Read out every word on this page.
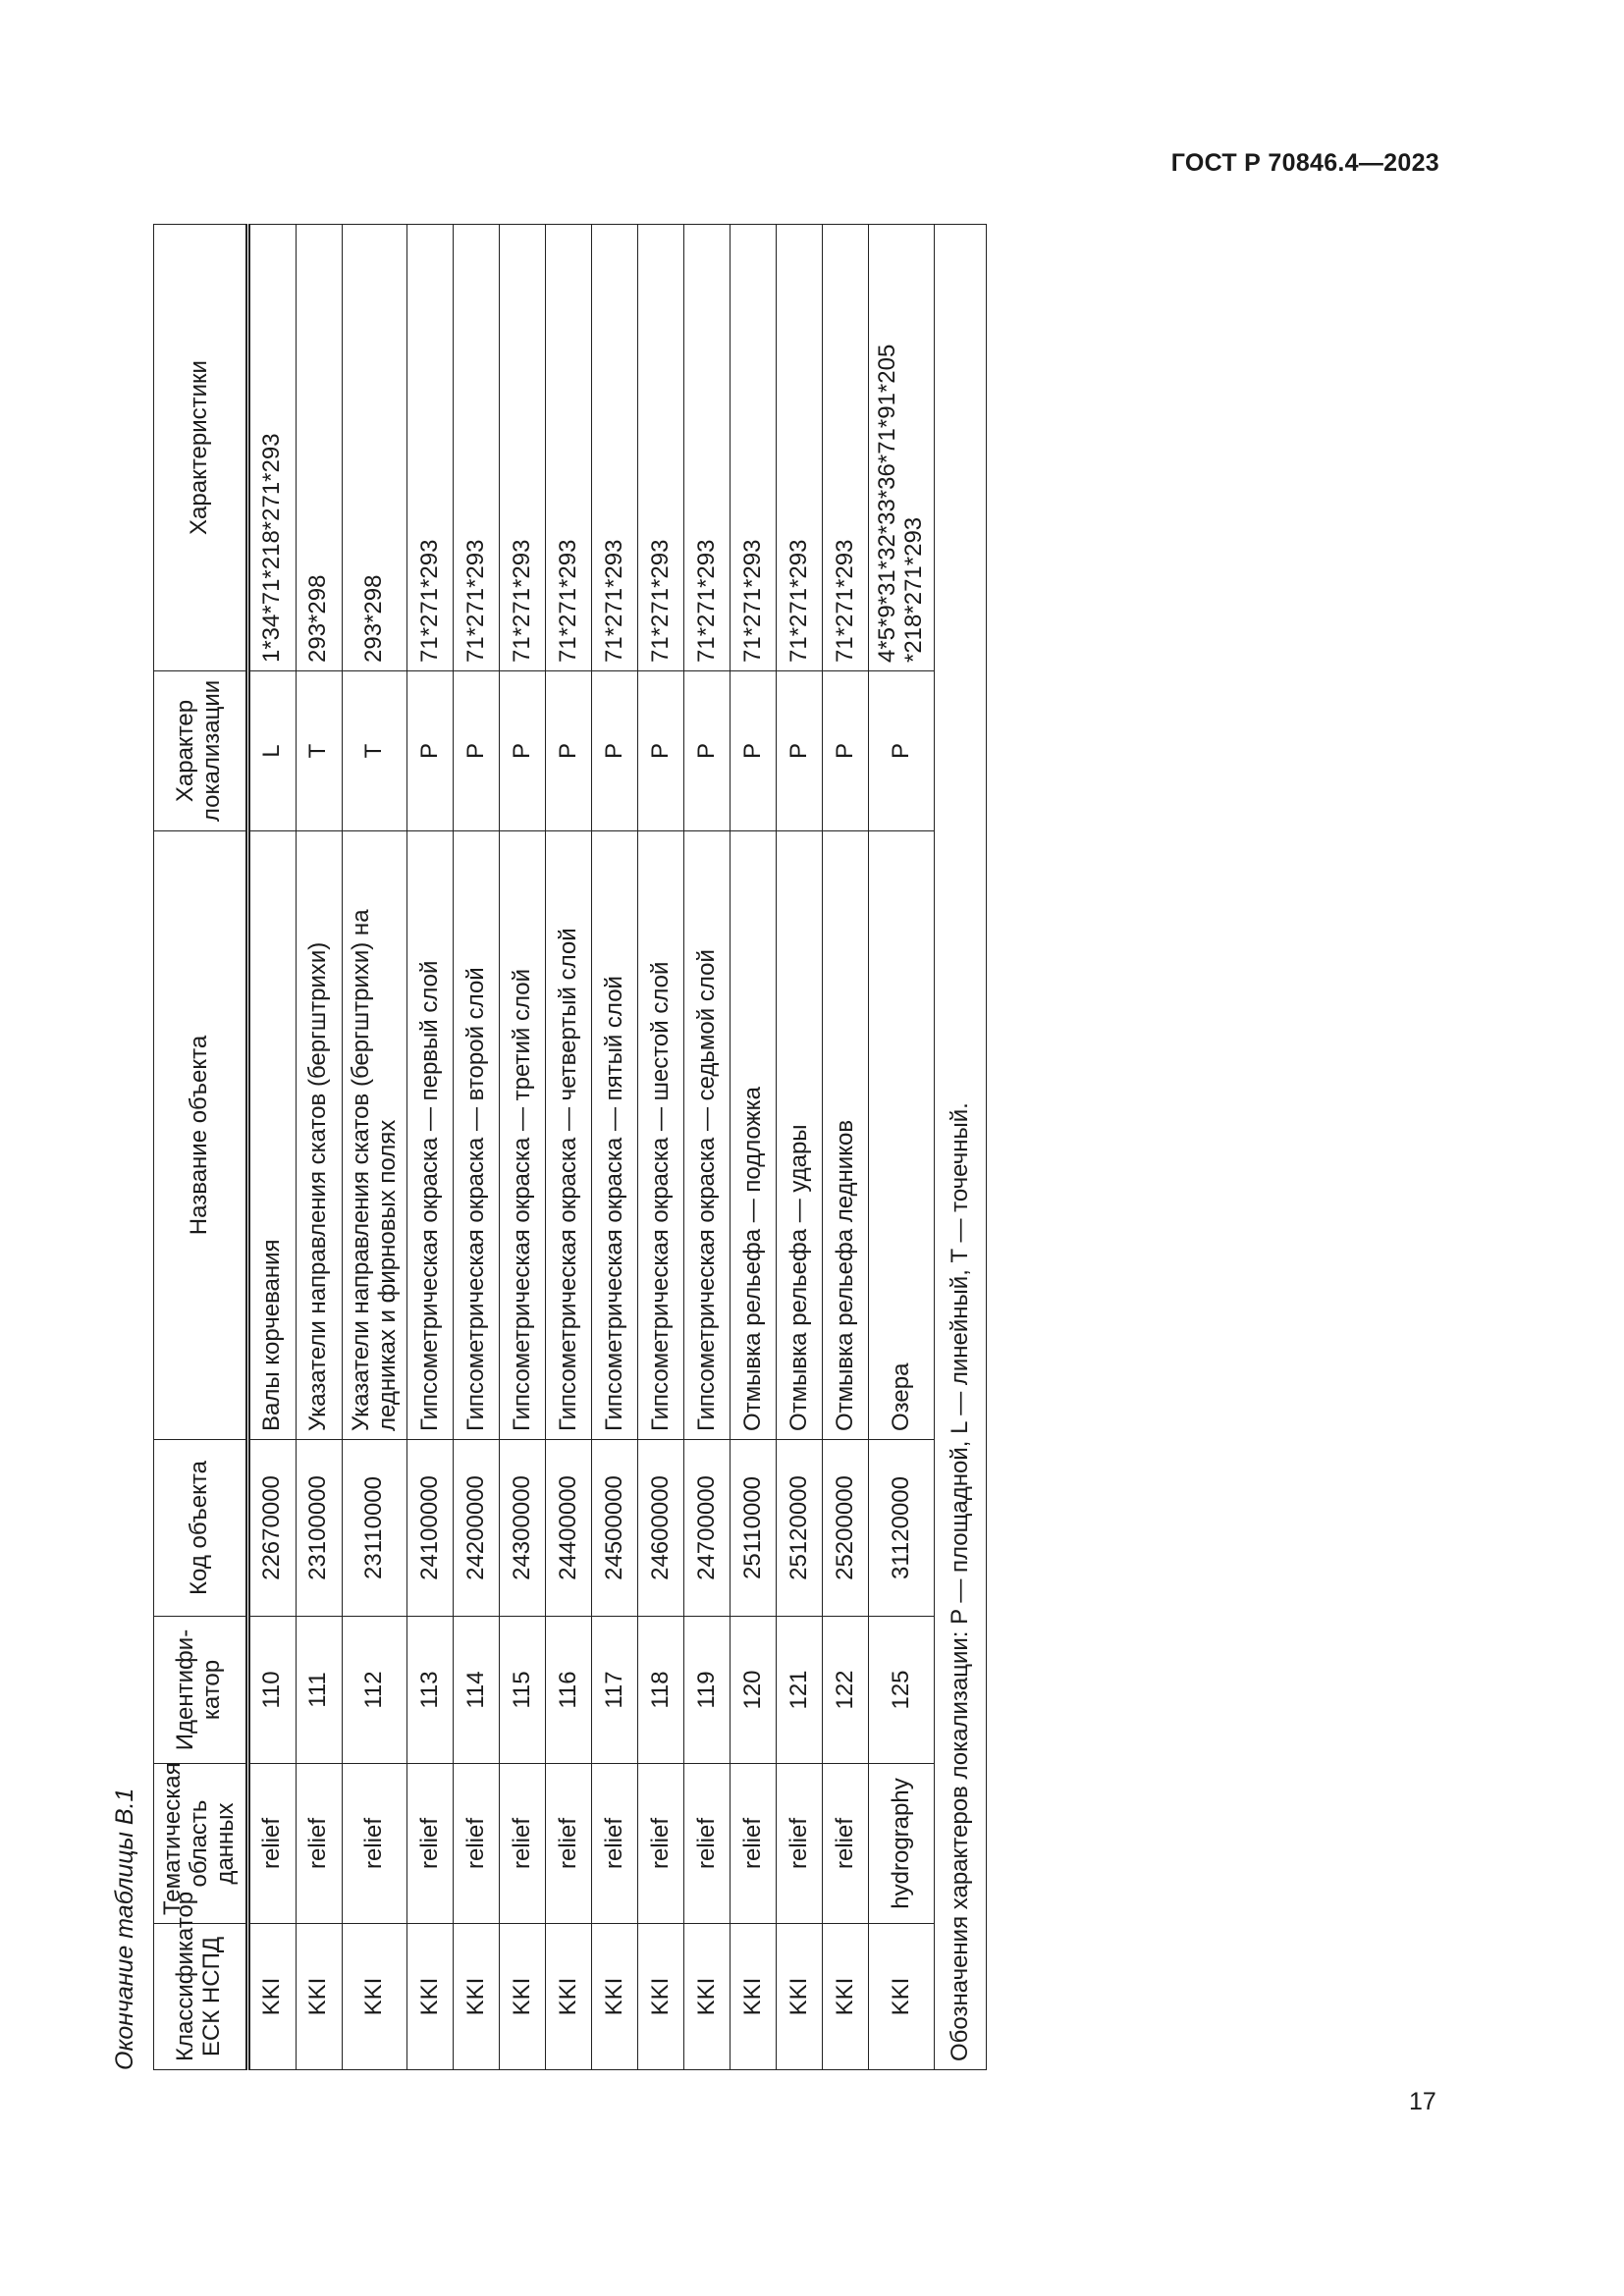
ГОСТ Р 70846.4—2023
Окончание таблицы В.1 Классификатор ЕСК НСПД	Тематическая область данных	Идентифи-катор	Код объекта	Название объекта	Характер локализации	Характеристики
KKI	relief	110	22670000	Валы корчевания	L	1*34*71*218*271*293
KKI	relief	111	23100000	Указатели направления скатов (бергштрихи)	T	293*298
KKI	relief	112	23110000	Указатели направления скатов (бергштрихи) на ледниках и фирновых полях	T	293*298
KKI	relief	113	24100000	Гипсометрическая окраска — первый слой	P	71*271*293
KKI	relief	114	24200000	Гипсометрическая окраска — второй слой	P	71*271*293
KKI	relief	115	24300000	Гипсометрическая окраска — третий слой	P	71*271*293
KKI	relief	116	24400000	Гипсометрическая окраска — четвертый слой	P	71*271*293
KKI	relief	117	24500000	Гипсометрическая окраска — пятый слой	P	71*271*293
KKI	relief	118	24600000	Гипсометрическая окраска — шестой слой	P	71*271*293
KKI	relief	119	24700000	Гипсометрическая окраска — седьмой слой	P	71*271*293
KKI	relief	120	25110000	Отмывка рельефа — подложка	P	71*271*293
KKI	relief	121	25120000	Отмывка рельефа — удары	P	71*271*293
KKI	relief	122	25200000	Отмывка рельефа ледников	P	71*271*293
KKI	hydrography	125	31120000	Озера	P	4*5*9*31*32*33*36*71*91*205 *218*271*293
Обозначения характеров локализации: P — площадной, L — линейный, T — точечный.						
17
